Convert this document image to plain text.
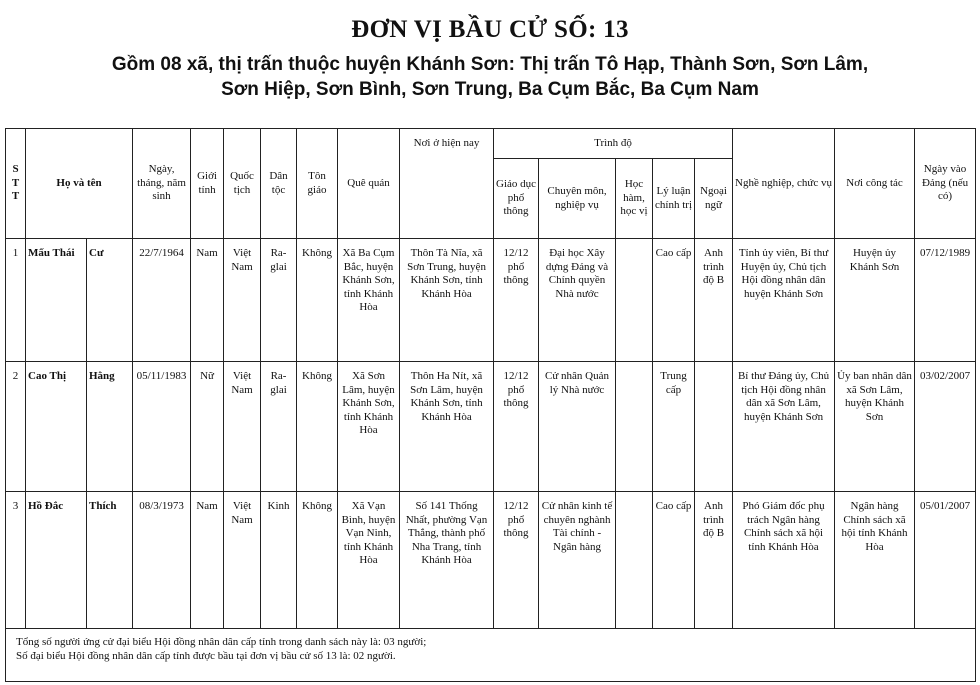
ĐƠN VỊ BẦU CỬ SỐ: 13
Gồm 08 xã, thị trấn thuộc huyện Khánh Sơn: Thị trấn Tô Hạp, Thành Sơn, Sơn Lâm,
Sơn Hiệp, Sơn Bình, Sơn Trung, Ba Cụm Bắc, Ba Cụm Nam
S
T
T	Họ và tên		Ngày, tháng, năm sinh	Giới tính	Quốc tịch	Dân tộc	Tôn giáo	Quê quán	Nơi ở hiện nay	Trình độ					Nghề nghiệp, chức vụ	Nơi công tác	Ngày vào Đảng (nếu có)
										Giáo dục phổ thông	Chuyên môn, nghiệp vụ	Học hàm, học vị	Lý luận chính trị	Ngoại ngữ			
1	Mấu Thái	Cư	22/7/1964	Nam	Việt Nam	Ra-glai	Không	Xã Ba Cụm Bắc, huyện Khánh Sơn, tỉnh Khánh Hòa	Thôn Tà Nĩa, xã Sơn Trung, huyện Khánh Sơn, tỉnh Khánh Hòa	12/12 phổ thông	Đại học Xây dựng Đảng và Chính quyền Nhà nước		Cao cấp	Anh trình độ B	Tỉnh ủy viên, Bí thư Huyện ủy, Chủ tịch Hội đồng nhân dân huyện Khánh Sơn	Huyện ủy Khánh Sơn	07/12/1989
2	Cao Thị	Hằng	05/11/1983	Nữ	Việt Nam	Ra-glai	Không	Xã Sơn Lâm, huyện Khánh Sơn, tỉnh Khánh Hòa	Thôn Ha Nít, xã Sơn Lâm, huyện Khánh Sơn, tỉnh Khánh Hòa	12/12 phổ thông	Cử nhân Quản lý Nhà nước		Trung cấp		Bí thư Đảng ủy, Chủ tịch Hội đồng nhân dân xã Sơn Lâm, huyện Khánh Sơn	Ủy ban nhân dân xã Sơn Lâm, huyện Khánh Sơn	03/02/2007
3	Hồ Đắc	Thích	08/3/1973	Nam	Việt Nam	Kinh	Không	Xã Vạn Bình, huyện Vạn Ninh, tỉnh Khánh Hòa	Số 141 Thống Nhất, phường Vạn Thắng, thành phố Nha Trang, tỉnh Khánh Hòa	12/12 phổ thông	Cử nhân kinh tế chuyên nghành Tài chính - Ngân hàng		Cao cấp	Anh trình độ B	Phó Giám đốc phụ trách Ngân hàng Chính sách xã hội tỉnh Khánh Hòa	Ngân hàng Chính sách xã hội tỉnh Khánh Hòa	05/01/2007

Tổng số người ứng cử đại biểu Hội đồng nhân dân cấp tỉnh trong danh sách này là: 03 người;
Số đại biểu Hội đồng nhân dân cấp tỉnh được bầu tại đơn vị bầu cử số 13 là: 02 người.																	
